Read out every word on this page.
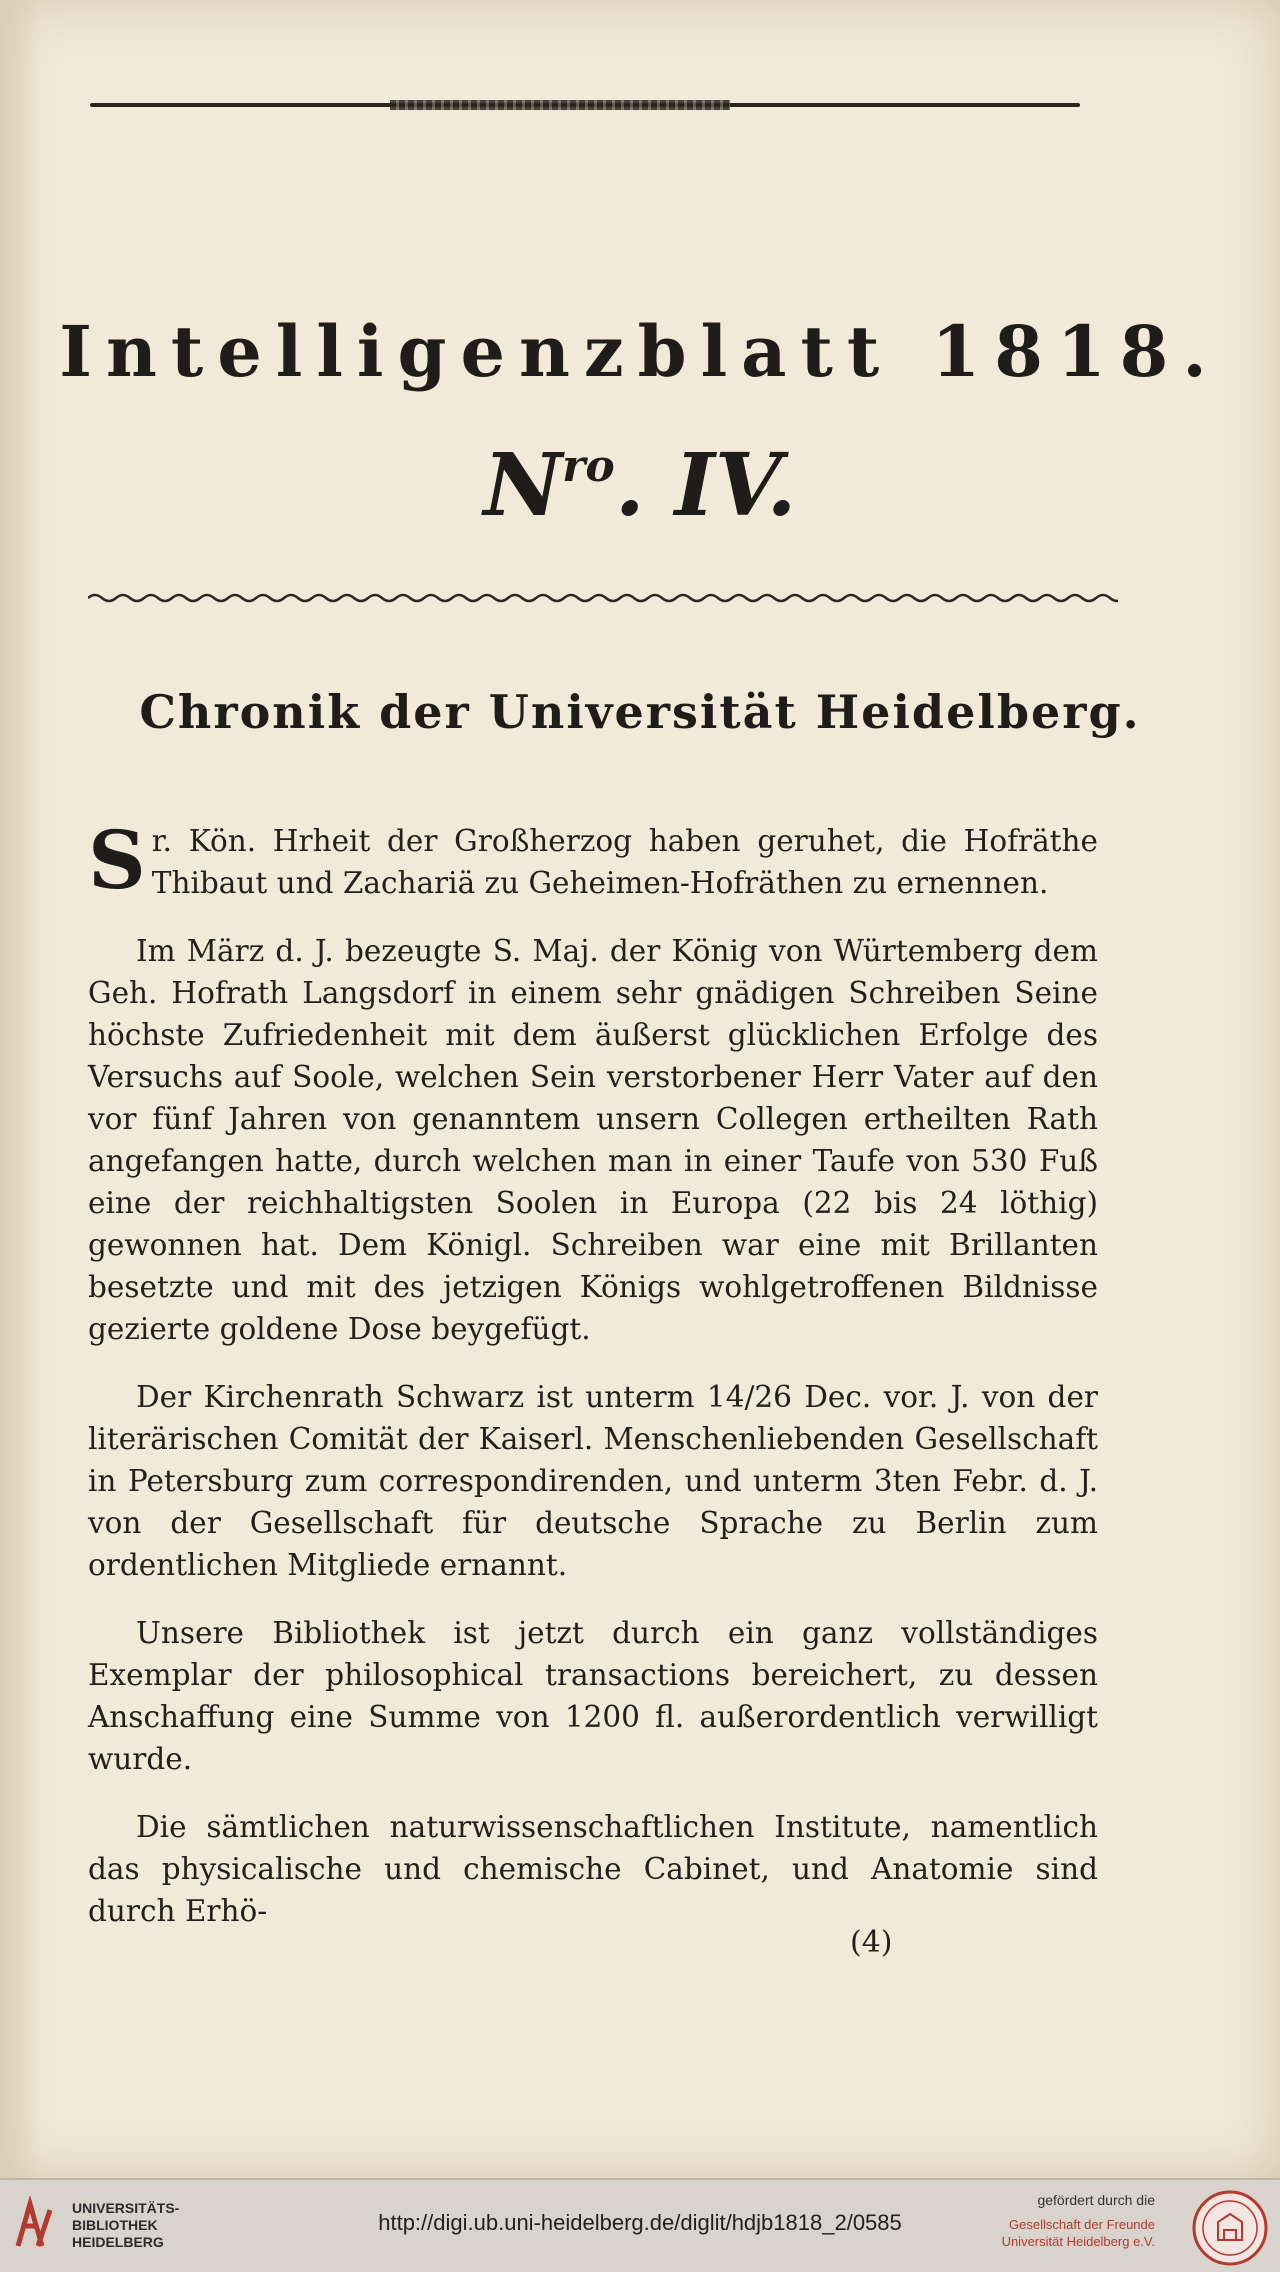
Intelligenzblatt 1818.
$N^{ro}$. IV.
Chronik der Universität Heidelberg.

Sr. Kön. Hrheit der Großherzog haben geruhet, die Hofräthe Thibaut und Zachariä zu Geheimen-Hofräthen zu ernennen.

Im März d. J. bezeugte S. Maj. der König von Würtemberg dem Geh. Hofrath Langsdorf in einem sehr gnädigen Schreiben Seine höchste Zufriedenheit mit dem äußerst glücklichen Erfolge des Versuchs auf Soole, welchen Sein verstorbener Herr Vater auf den vor fünf Jahren von genanntem unsern Collegen ertheilten Rath angefangen hatte, durch welchen man in einer Taufe von 530 Fuß eine der reichhaltigsten Soolen in Europa (22 bis 24 löthig) gewonnen hat. Dem Königl. Schreiben war eine mit Brillanten besetzte und mit des jetzigen Königs wohlgetroffenen Bildnisse gezierte goldene Dose beygefügt.

Der Kirchenrath Schwarz ist unterm 14/26 Dec. vor. J. von der literärischen Comität der Kaiserl. Menschenliebenden Gesellschaft in Petersburg zum correspondirenden, und unterm 3ten Febr. d. J. von der Gesellschaft für deutsche Sprache zu Berlin zum ordentlichen Mitgliede ernannt.

Unsere Bibliothek ist jetzt durch ein ganz vollständiges Exemplar der philosophical transactions bereichert, zu dessen Anschaffung eine Summe von 1200 fl. außerordentlich verwilligt wurde.

Die sämtlichen naturwissenschaftlichen Institute, namentlich das physicalische und chemische Cabinet, und Anatomie sind durch Erhö-

(4)
UNIVERSITÄTS-
BIBLIOTHEK
HEIDELBERG
http://digi.ub.uni-heidelberg.de/diglit/hdjb1818_2/0585
gefördert durch die
Gesellschaft der Freunde
Universität Heidelberg e.V.
